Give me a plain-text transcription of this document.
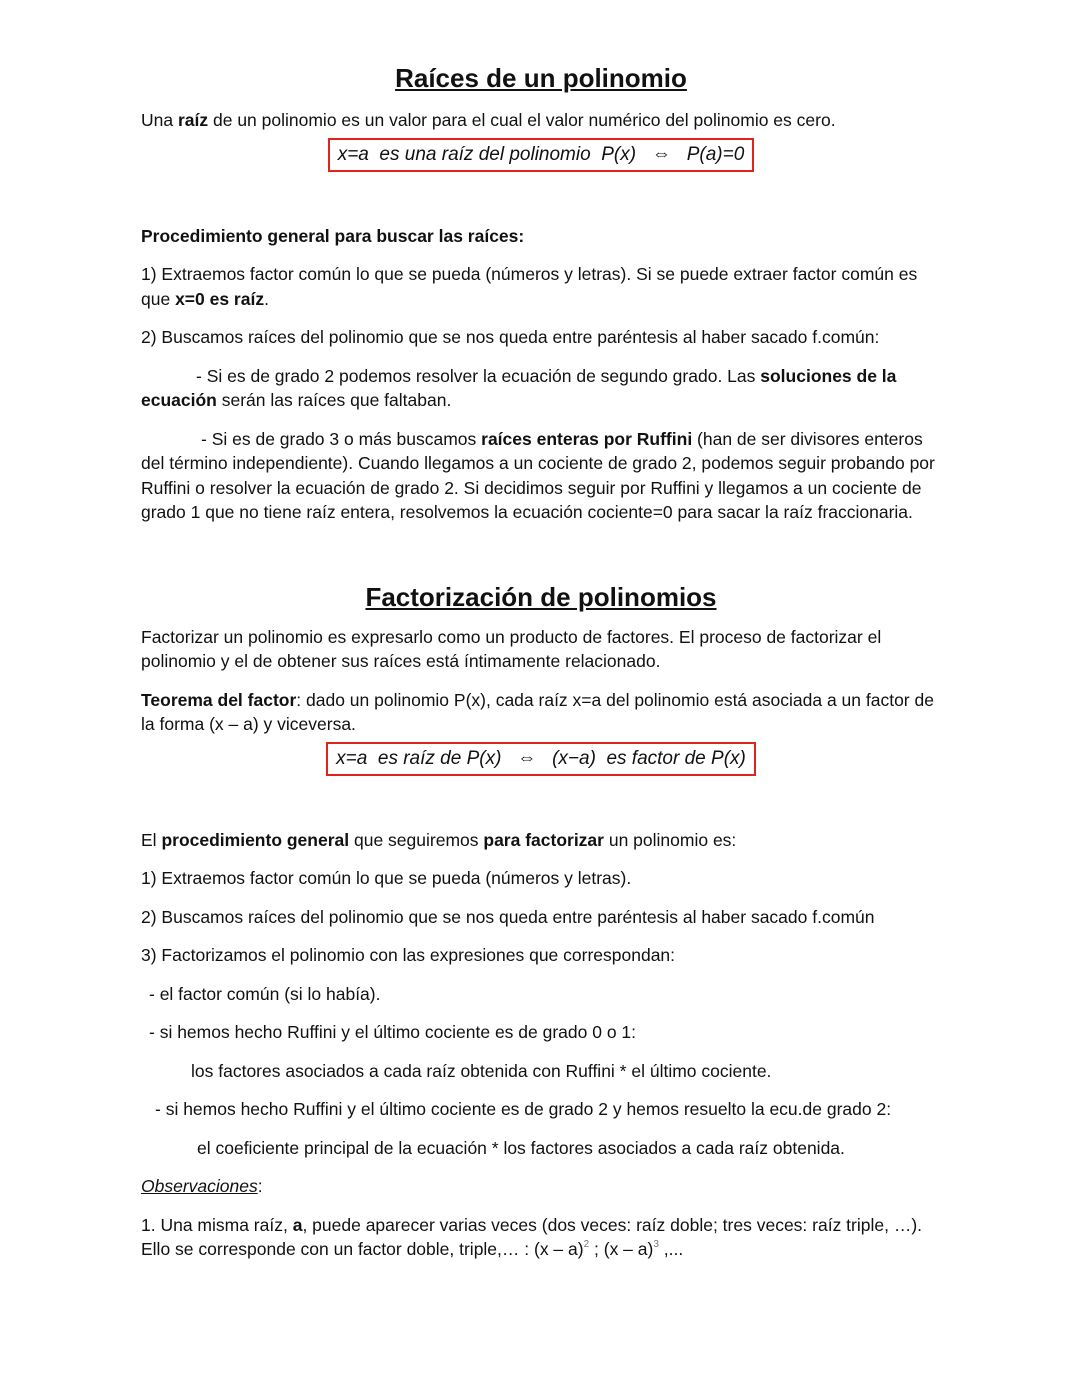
Raíces de un polinomio

Una raíz de un polinomio es un valor para el cual el valor numérico del polinomio es cero.

x=a  es una raíz del polinomio  P(x)   ⇔   P(a)=0

Procedimiento general para buscar las raíces:

1) Extraemos factor común lo que se pueda (números y letras). Si se puede extraer factor común es que x=0 es raíz.

2) Buscamos raíces del polinomio que se nos queda entre paréntesis al haber sacado f.común:

- Si es de grado 2 podemos resolver la ecuación de segundo grado. Las soluciones de la ecuación serán las raíces que faltaban.

- Si es de grado 3 o más buscamos raíces enteras por Ruffini (han de ser divisores enteros del término independiente). Cuando llegamos a un cociente de grado 2, podemos seguir probando por Ruffini o resolver la ecuación de grado 2. Si decidimos seguir por Ruffini y llegamos a un cociente de grado 1 que no tiene raíz entera, resolvemos la ecuación cociente=0 para sacar la raíz fraccionaria.

Factorización de polinomios

Factorizar un polinomio es expresarlo como un producto de factores. El proceso de factorizar el polinomio y el de obtener sus raíces está íntimamente relacionado.

Teorema del factor: dado un polinomio P(x), cada raíz x=a del polinomio está asociada a un factor de la forma (x – a) y viceversa.

x=a  es raíz de P(x)   ⇔   (x−a)  es factor de P(x)

El procedimiento general que seguiremos para factorizar un polinomio es:

1) Extraemos factor común lo que se pueda (números y letras).

2) Buscamos raíces del polinomio que se nos queda entre paréntesis al haber sacado f.común

3) Factorizamos el polinomio con las expresiones que correspondan:

- el factor común (si lo había).

- si hemos hecho Ruffini y el último cociente es de grado 0 o 1:

los factores asociados a cada raíz obtenida con Ruffini * el último cociente.

- si hemos hecho Ruffini y el último cociente es de grado 2 y hemos resuelto la ecu.de grado 2:

el coeficiente principal de la ecuación * los factores asociados a cada raíz obtenida.

Observaciones:

1. Una misma raíz, a, puede aparecer varias veces (dos veces: raíz doble; tres veces: raíz triple, …). Ello se corresponde con un factor doble, triple,… : (x – a)$^2$ ; (x – a)$^3$ ,...
